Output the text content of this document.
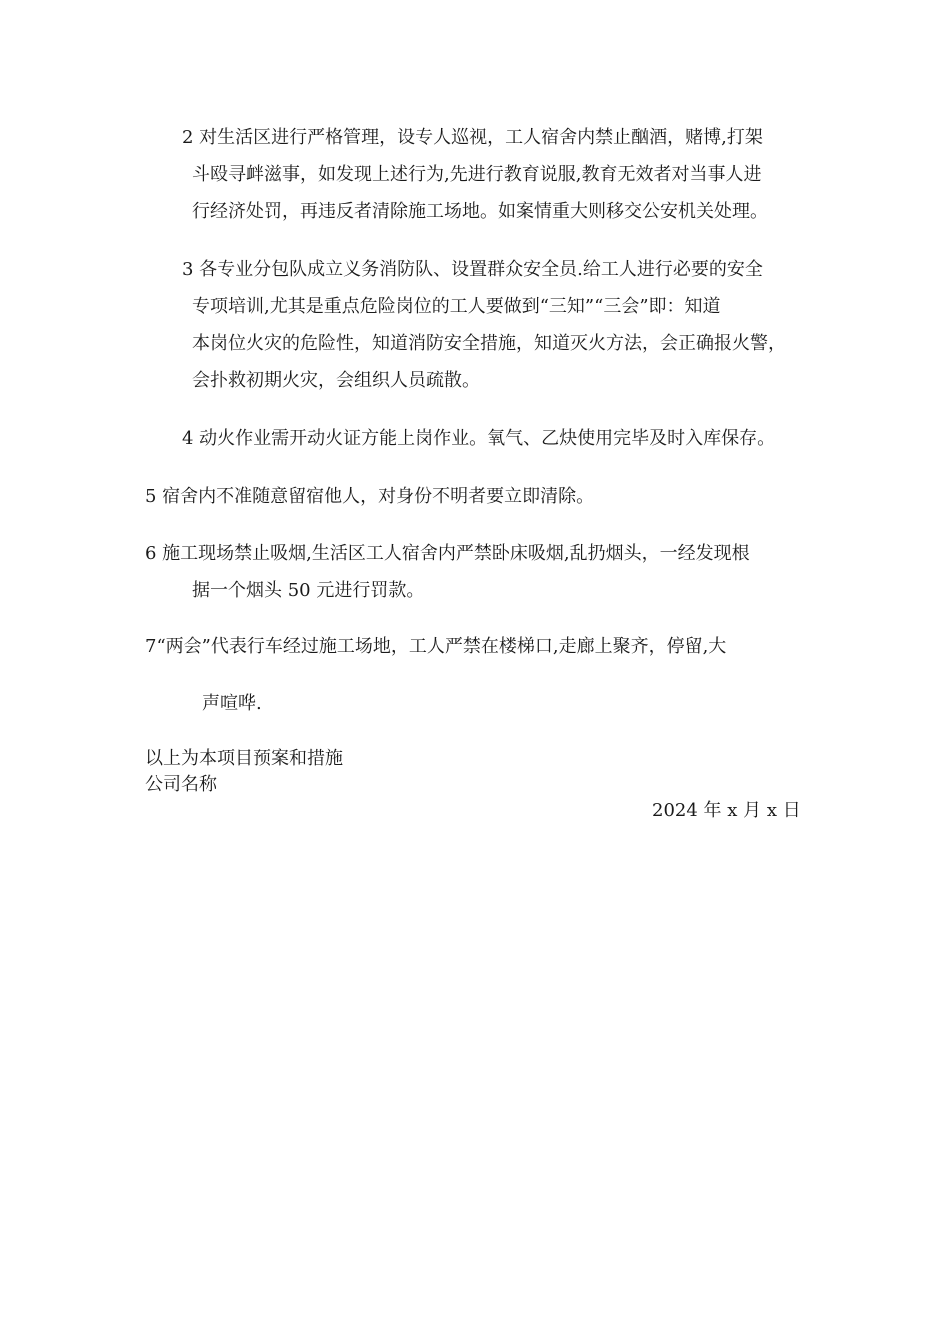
2 对生活区进行严格管理，设专人巡视，工人宿舍内禁止酗酒，赌博,打架
斗殴寻衅滋事，如发现上述行为,先进行教育说服,教育无效者对当事人进
行经济处罚，再违反者清除施工场地。如案情重大则移交公安机关处理。
3 各专业分包队成立义务消防队、设置群众安全员.给工人进行必要的安全
专项培训,尤其是重点危险岗位的工人要做到“三知”“三会”即：知道
本岗位火灾的危险性，知道消防安全措施，知道灭火方法，会正确报火警，
会扑救初期火灾，会组织人员疏散。
4 动火作业需开动火证方能上岗作业。氧气、乙炔使用完毕及时入库保存。
5 宿舍内不准随意留宿他人，对身份不明者要立即清除。
6 施工现场禁止吸烟,生活区工人宿舍内严禁卧床吸烟,乱扔烟头，一经发现根
据一个烟头 50 元进行罚款。
7“两会”代表行车经过施工场地，工人严禁在楼梯口,走廊上聚齐，停留,大
声喧哗.
以上为本项目预案和措施
公司名称
2024 年 x 月 x 日
